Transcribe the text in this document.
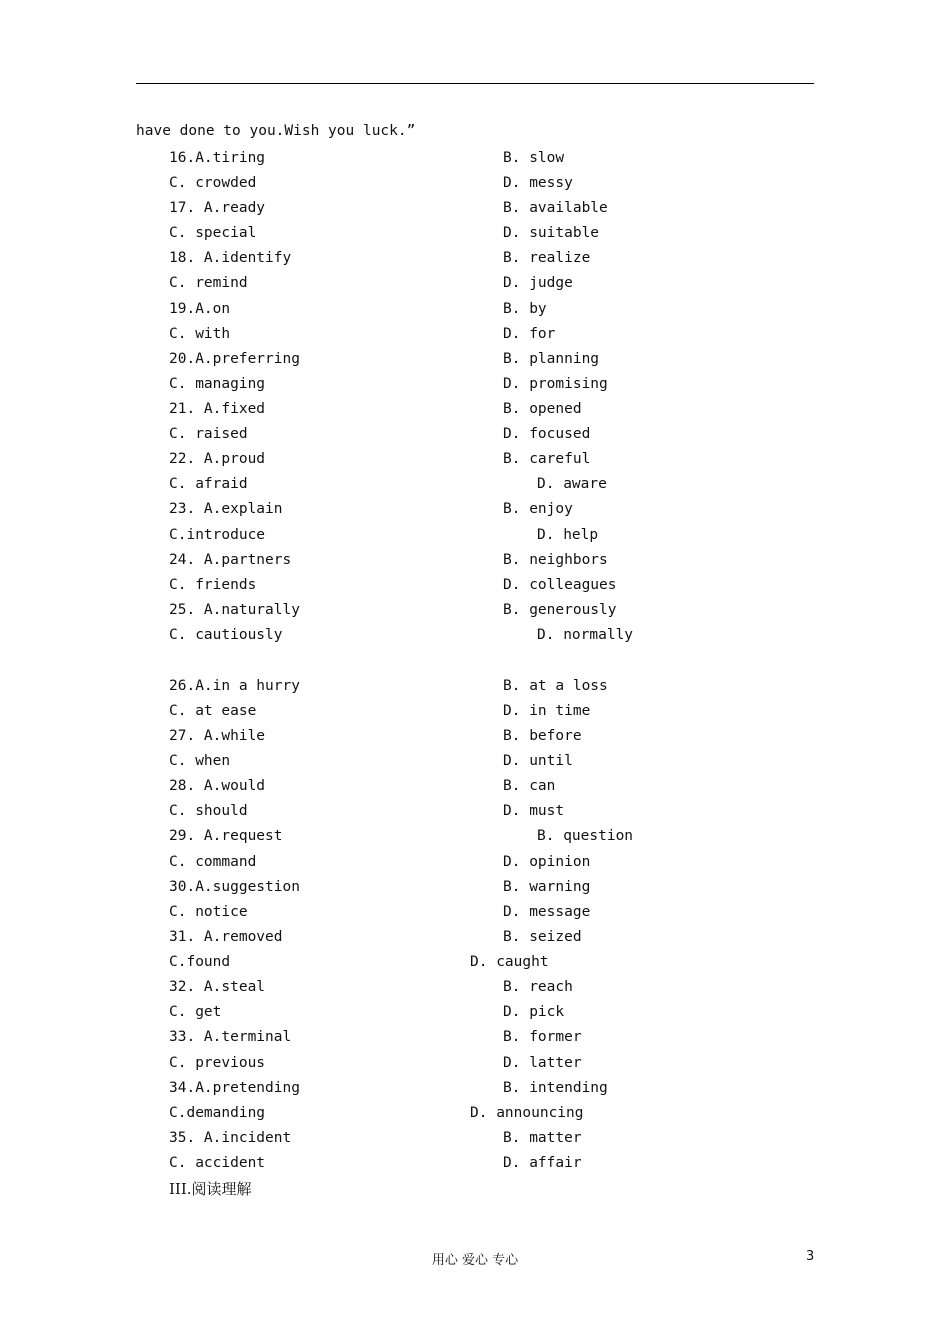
have done to you.Wish you luck.”
16.A.tiring	B. slow
C. crowded	D. messy
17. A.ready	B. available
C. special	D. suitable
18. A.identify	B. realize
C. remind	D. judge
19.A.on	B. by
C. with	D. for
20.A.preferring	B. planning
C. managing	D. promising
21. A.fixed	B. opened
C. raised	D. focused
22. A.proud	B. careful
C. afraid	D. aware
23. A.explain	B. enjoy
C.introduce	D. help
24. A.partners	B. neighbors
C. friends	D. colleagues
25. A.naturally	B. generously
C. cautiously	D. normally
26.A.in a hurry	B. at a loss
C. at ease	D. in time
27. A.while	B. before
C. when	D. until
28. A.would	B. can
C. should	D. must
29. A.request	B. question
C. command	D. opinion
30.A.suggestion	B. warning
C. notice	D. message
31. A.removed	B. seized
C.found	D. caught
32. A.steal	B. reach
C. get	D. pick
33. A.terminal	B. former
C. previous	D. latter
34.A.pretending	B. intending
C.demanding	D. announcing
35. A.incident	B. matter
C. accident	D. affair
III.阅读理解
用心 爱心 专心	3
